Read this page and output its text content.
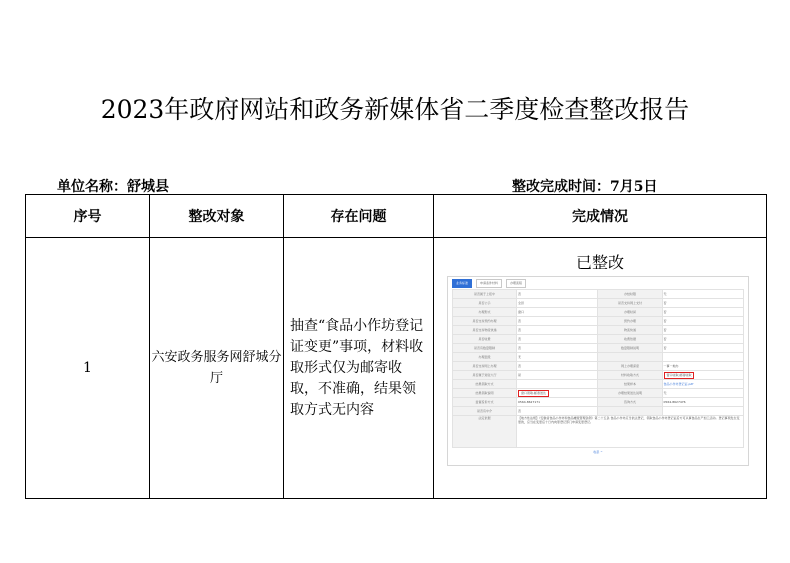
2023年政府网站和政务新媒体省二季度检查整改报告
单位名称：舒城县	整改完成时间：7月5日
序号	整改对象	存在问题	完成情况
1	六安政务服务网舒城分厅	抽查“食品小作坊登记证变更”事项，材料收取形式仅为邮寄收取，不准确，结果领取方式无内容	
已整改
业务标准	申请条件材料	办理流程
是否属于上报中	否	办结时限	无
是否公示	全县	是否支持网上支付	否
办理形式	窗口	办理时间	否
是否支持预约办理	否	预约办理	否
是否支持物流快递	否	物流快递	否
是否收费	否	收费依据	否
是否有数量限制	否	数量限制说明	否
办理层级	无		
是否支持网上办理	否	网上办理深度	一事一地办
是否属于进驻大厅	是	材料收取方式	窗口收取,邮寄收取
结果领取方式		结果样本	食品小作坊登记证.pdf
结果领取说明	窗口领取,邮寄送达	办理结果送达说明	无
监督投诉方式	0564-8627171	咨询方式	0564-8627476
是否有中介	否		
法定依据	【地方性法规】《安徽省食品小作坊和食品摊贩管理条例》第二十五条 食品小作坊应当依法登记，领取食品小作坊登记证后方可从事食品生产加工活动。登记事项发生变更的，应当在变更后十日内向原登记部门申请变更登记。
收起 ^
